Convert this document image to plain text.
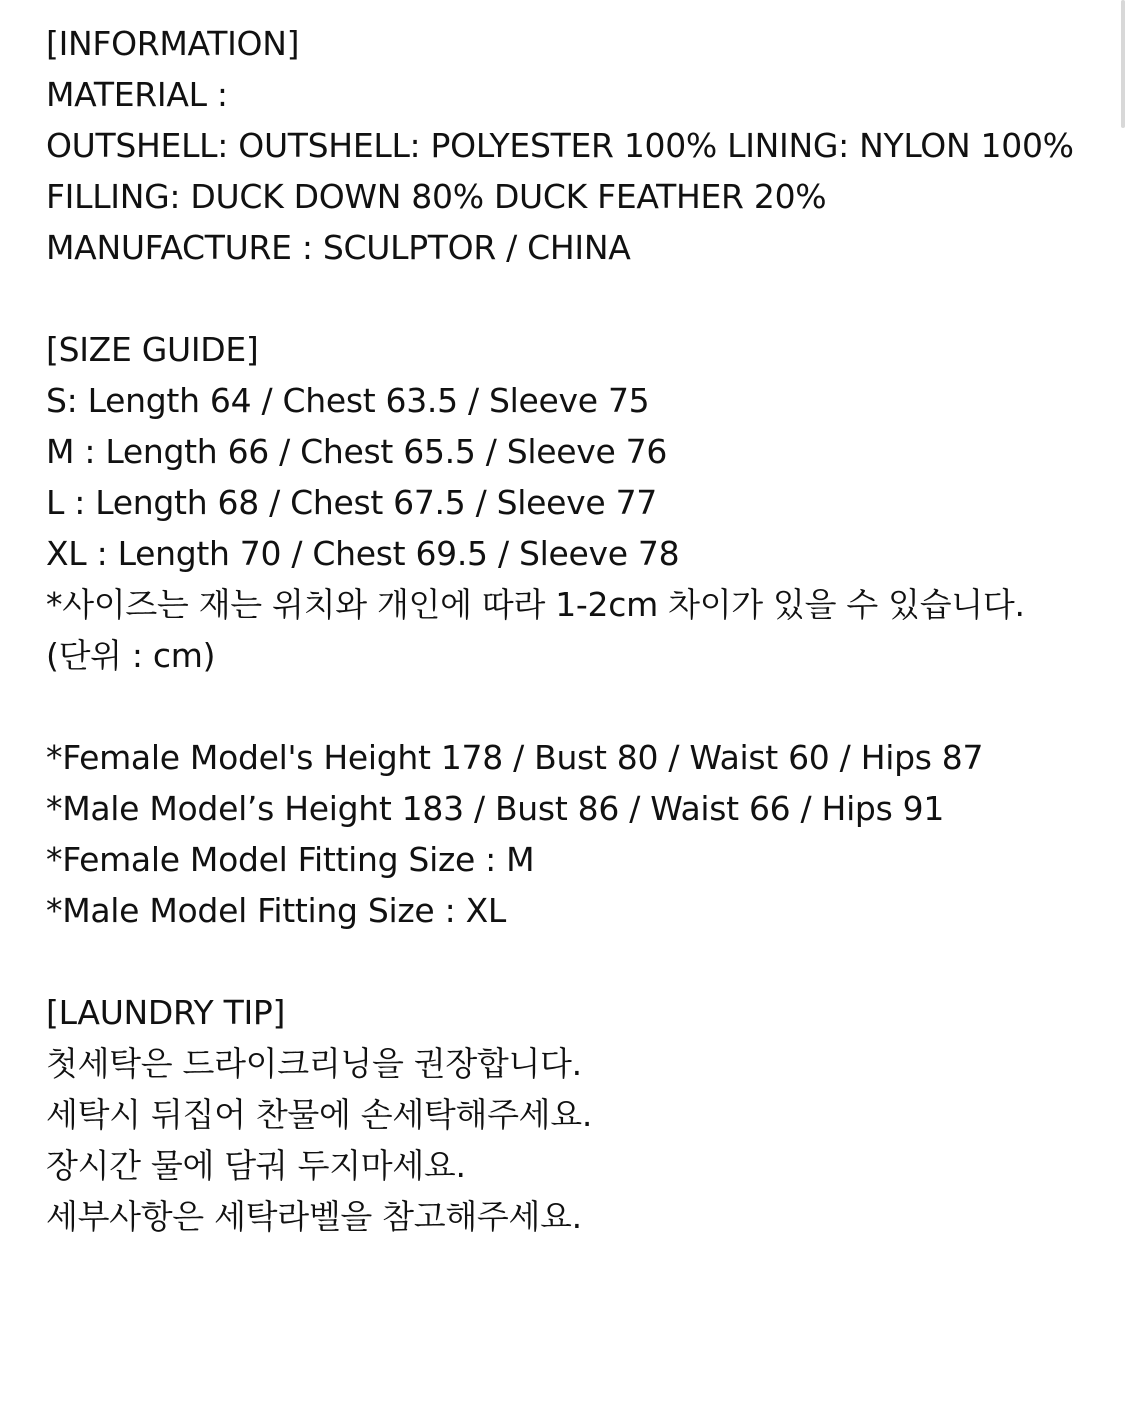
[INFORMATION]

MATERIAL :

OUTSHELL: OUTSHELL: POLYESTER 100% LINING: NYLON 100%

FILLING: DUCK DOWN 80% DUCK FEATHER 20%

MANUFACTURE : SCULPTOR / CHINA

[SIZE GUIDE]

S: Length 64 / Chest 63.5 / Sleeve 75

M : Length 66 / Chest 65.5 / Sleeve 76

L : Length 68 / Chest 67.5 / Sleeve 77

XL : Length 70 / Chest 69.5 / Sleeve 78

*사이즈는 재는 위치와 개인에 따라 1-2cm 차이가 있을 수 있습니다. (단위 : cm)

*Female Model's Height 178 / Bust 80 / Waist 60 / Hips 87

*Male Model’s Height 183 / Bust 86 / Waist 66 / Hips 91

*Female Model Fitting Size : M

*Male Model Fitting Size : XL

[LAUNDRY TIP]

첫세탁은 드라이크리닝을 권장합니다.

세탁시 뒤집어 찬물에 손세탁해주세요.

장시간 물에 담궈 두지마세요.

세부사항은 세탁라벨을 참고해주세요.
